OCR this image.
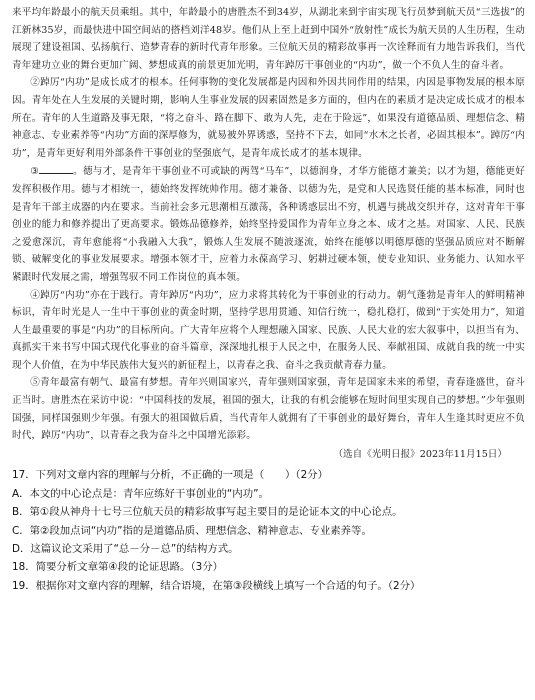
来平均年龄最小的航天员乘组。其中，年龄最小的唐胜杰不到34岁，从湖北来到宇宙实现飞行员梦到航天员“三选拔”的江新林35岁，而最快进中国空间站的搭档刘洋48岁。他们从上至上赶到中国外“放射性”成长为航天员的人生历程，生动展现了建设祖国、弘扬航行、造梦青春的新时代青年形象。三位航天员的精彩故事再一次诠释而有力地告诉我们，当代青年建功立业的舞台更加广阔、梦想成真的前景更加光明，青年踔厉干事创业的“内功”，做一个不负人生的奋斗者。

②踔厉“内功”是成长成才的根本。任何事物的变化发展都是内因和外因共同作用的结果，内因是事物发展的根本原因。青年处在人生发展的关键时期，影响人生事业发展的因素固然是多方面的，但内在的素质才是决定成长成才的根本所在。青年的人生道路及事无限，“将之奋斗、路在脚下、敢为人先，走在于险远”，如果没有道德品质、理想信念、精神意志、专业素养等“内功”方面的深厚修为，就易被外界诱惑，坚持不下去，如同“水木之长者，必固其根本”。踔厉“内功”，是青年更好利用外部条件干事创业的坚强底气，是青年成长成才的基本规律。

③	。德与才，是青年干事创业不可或缺的两驾“马车”，以德润身，才华方能德才兼美；以才为翅，德能更好发挥积极作用。德与才相统一，德始终发挥统帅作用。德才兼备、以德为先，是党和人民选贤任能的基本标准，同时也是青年干部主成器的内在要求。当前社会多元思潮相互激荡，各种诱惑层出不穷，机遇与挑战交织并存，这对青年干事创业的能力和修养提出了更高要求。锻炼品德修养，始终坚持爱国作为青年立身之本、成才之基。对国家、人民、民族之爱愈深沉，青年愈能将“小我融入大我”，锻炼人生发展不随波逐流，始终在能够以明德厚德的坚强品质应对不断解锁、破解变化的事业发展要求。增强本领才干，应着力永葆高学习、躬耕过硬本领，使专业知识、业务能力、认知水平紧跟时代发展之需，增强驾驭不同工作岗位的真本领。

④踔厉“内功”亦在于践行。青年踔厉“内功”，应力求将其转化为干事创业的行动力。朝气蓬勃是青年人的鲜明精神标识，青年时光是人一生中干事创业的黄金时期，坚持学思用贯通、知信行统一，稳扎稳打，做到“于实处用力”，知道人生最重要的事是“内功”的目标所向。广大青年应将个人理想融入国家、民族、人民大业的宏大叙事中，以担当有为、真抓实干来书写中国式现代化事业的奋斗篇章，深深地扎根于人民之中，在服务人民、奉献祖国、成就自我的统一中实现个人价值，在为中华民族伟大复兴的新征程上，以青春之我、奋斗之我贡献青春力量。

⑤青年最富有朝气、最富有梦想。青年兴则国家兴，青年强则国家强，青年是国家未来的希望，青春逢盛世，奋斗正当时。唐胜杰在采访中说：“中国科技的发展，祖国的强大，让我的有机会能够在短时间里实现自己的梦想。”少年强则国强，同样国强则少年强。有强大的祖国做后盾，当代青年人就拥有了干事创业的最好舞台，青年人生逢其时更应不负时代，踔厉“内功”，以青春之我为奋斗之中国增光添彩。

（选自《光明日报》2023年11月15日）

17．下列对文章内容的理解与分析，不正确的一项是（　　）（2分）

A．本文的中心论点是：青年应练好干事创业的“内功”。

B．第①段从神舟十七号三位航天员的精彩故事写起主要目的是论证本文的中心论点。

C．第②段加点词“内功”指的是道德品质、理想信念、精神意志、专业素养等。

D．这篇议论文采用了“总－分－总”的结构方式。

18．简要分析文章第④段的论证思路。（3分）

19．根据你对文章内容的理解，结合语境，在第③段横线上填写一个合适的句子。（2分）
